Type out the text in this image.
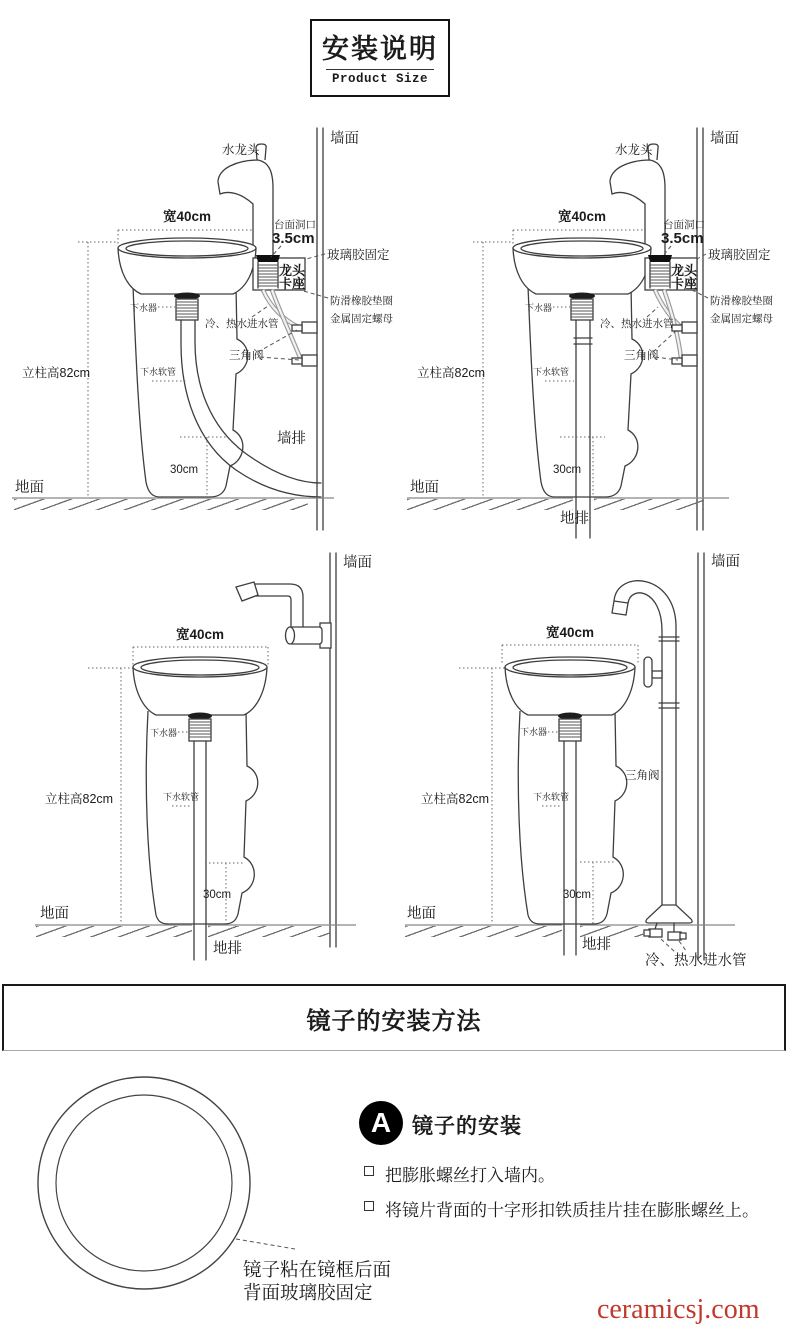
安装说明
Product Size
墙面
立柱高82cm
宽40cm
水龙头
龙头
卡座
台面洞口
3.5cm
玻璃胶固定
防滑橡胶垫圈
金属固定螺母
下水器
冷、热水进水管
三角阀
下水软管
30cm
地面
墙排
墙面
立柱高82cm
宽40cm
水龙头
龙头
卡座
台面洞口
3.5cm
玻璃胶固定
防滑橡胶垫圈
金属固定螺母
下水器
冷、热水进水管
三角阀
下水软管
30cm
地面
地排
墙面
宽40cm
立柱高82cm
下水器
下水软管
30cm
地面
地排
墙面
宽40cm
立柱高82cm
下水器
下水软管
三角阀
30cm
地面
地排
冷、热水进水管
镜子的安装方法
镜子粘在镜框后面
背面玻璃胶固定
A 镜子的安装
把膨胀螺丝打入墙内。
将镜片背面的十字形扣铁质挂片挂在膨胀螺丝上。
ceramicsj.com
